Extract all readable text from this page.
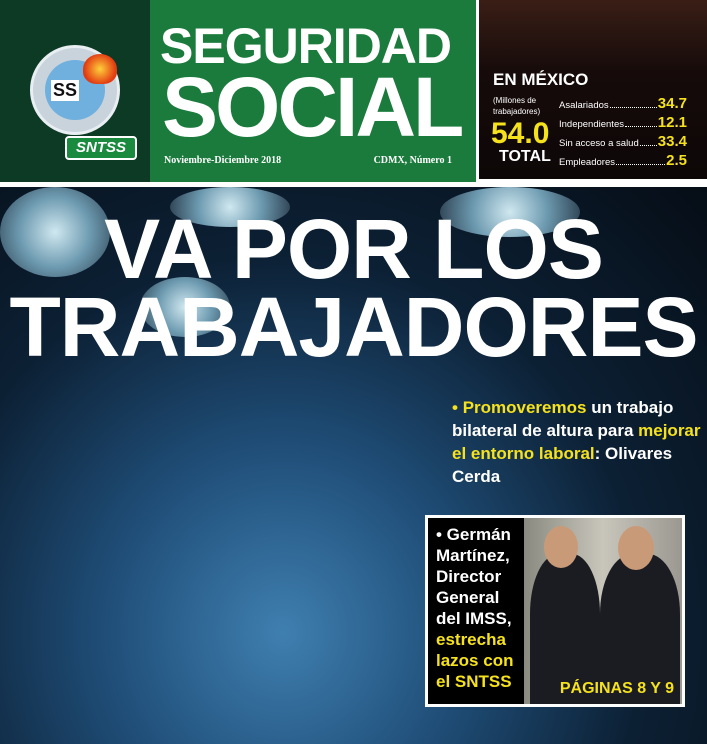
SS
SNTSS
SEGURIDAD
SOCIAL
Noviembre-Diciembre 2018	CDMX, Número 1
EN MÉXICO
(Millones de trabajadores)
54.0
TOTAL
Asalariados	34.7
Independientes 12.1
Sin acceso a salud 33.4
Empleadores	2.5
VA POR LOS
TRABAJADORES
• Promoveremos un trabajo bilateral de altura para mejorar el entorno laboral: Olivares Cerda
• Germán Martínez, Director General del IMSS, estrecha lazos con el SNTSS	PÁGINAS 8 Y 9
